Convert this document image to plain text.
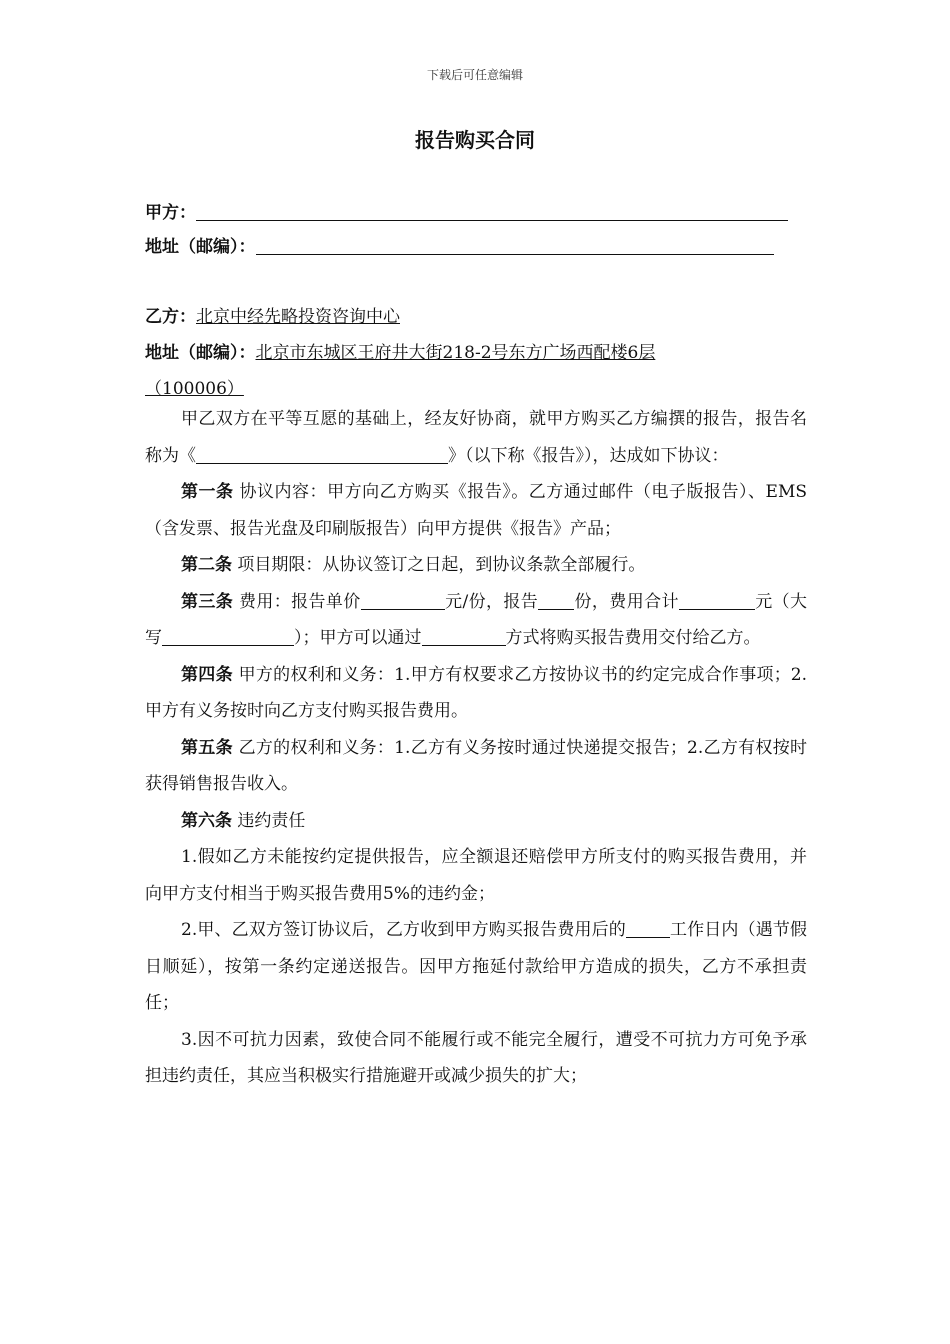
下载后可任意编辑
报告购买合同
甲方：
地址（邮编）：
乙方：北京中经先略投资咨询中心
地址（邮编）：北京市东城区王府井大街218-2号东方广场西配楼6层
（100006）

甲乙双方在平等互愿的基础上，经友好协商，就甲方购买乙方编撰的报告，报告名称为《	》（以下称《报告》），达成如下协议：

第一条 协议内容：甲方向乙方购买《报告》。乙方通过邮件（电子版报告）、EMS（含发票、报告光盘及印刷版报告）向甲方提供《报告》产品；

第二条 项目期限：从协议签订之日起，到协议条款全部履行。

第三条 费用：报告单价	元/份，报告 份，费用合计	元（大写	）；甲方可以通过	方式将购买报告费用交付给乙方。

第四条 甲方的权利和义务：1.甲方有权要求乙方按协议书的约定完成合作事项；2.甲方有义务按时向乙方支付购买报告费用。

第五条 乙方的权利和义务：1.乙方有义务按时通过快递提交报告；2.乙方有权按时获得销售报告收入。

第六条 违约责任

1.假如乙方未能按约定提供报告，应全额退还赔偿甲方所支付的购买报告费用，并向甲方支付相当于购买报告费用5%的违约金；

2.甲、乙双方签订协议后，乙方收到甲方购买报告费用后的	工作日内（遇节假日顺延），按第一条约定递送报告。因甲方拖延付款给甲方造成的损失，乙方不承担责任；

3.因不可抗力因素，致使合同不能履行或不能完全履行，遭受不可抗力方可免予承担违约责任，其应当积极实行措施避开或减少损失的扩大；
